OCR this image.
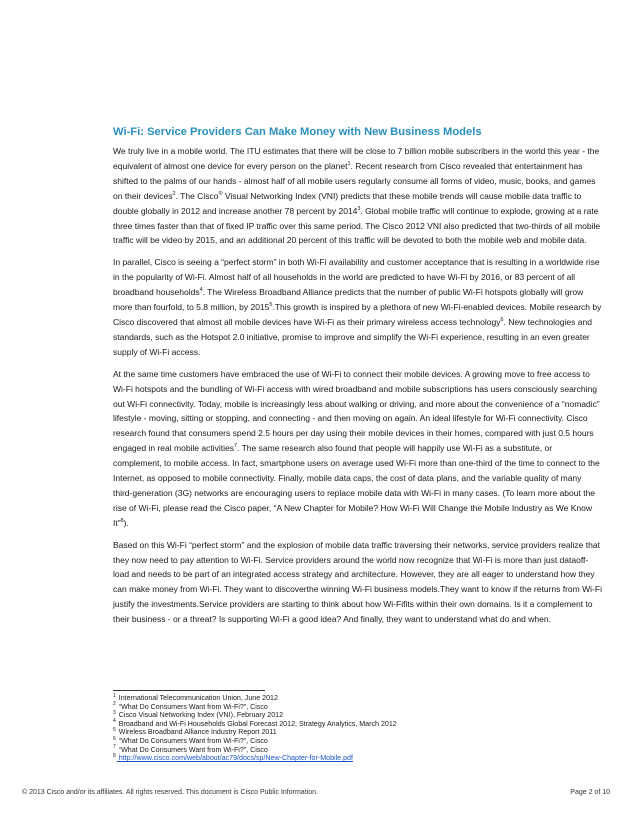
Wi-Fi: Service Providers Can Make Money with New Business Models

We truly live in a mobile world. The ITU estimates that there will be close to 7 billion mobile subscribers in the world this year - the equivalent of almost one device for every person on the planet$^1$. Recent research from Cisco revealed that entertainment has shifted to the palms of our hands - almost half of all mobile users regularly consume all forms of video, music, books, and games on their devices$^2$. The Cisco® Visual Networking Index (VNI) predicts that these mobile trends will cause mobile data traffic to double globally in 2012 and increase another 78 percent by 2014$^3$. Global mobile traffic will continue to explode, growing at a rate three times faster than that of fixed IP traffic over this same period. The Cisco 2012 VNI also predicted that two-thirds of all mobile traffic will be video by 2015, and an additional 20 percent of this traffic will be devoted to both the mobile web and mobile data.

In parallel, Cisco is seeing a “perfect storm” in both Wi-Fi availability and customer acceptance that is resulting in a worldwide rise in the popularity of Wi-Fi. Almost half of all households in the world are predicted to have Wi-Fi by 2016, or 83 percent of all broadband households$^4$. The Wireless Broadband Alliance predicts that the number of public Wi-Fi hotspots globally will grow more than fourfold, to 5.8 million, by 2015$^5$.This growth is inspired by a plethora of new Wi-Fi-enabled devices. Mobile research by Cisco discovered that almost all mobile devices have Wi-Fi as their primary wireless access technology$^6$. New technologies and standards, such as the Hotspot 2.0 initiative, promise to improve and simplify the Wi-Fi experience, resulting in an even greater supply of Wi-Fi access.

At the same time customers have embraced the use of Wi-Fi to connect their mobile devices. A growing move to free access to Wi-Fi hotspots and the bundling of Wi-Fi access with wired broadband and mobile subscriptions has users consciously searching out Wi-Fi connectivity. Today, mobile is increasingly less about walking or driving, and more about the convenience of a “nomadic” lifestyle - moving, sitting or stopping, and connecting - and then moving on again. An ideal lifestyle for Wi-Fi connectivity. Cisco research found that consumers spend 2.5 hours per day using their mobile devices in their homes, compared with just 0.5 hours engaged in real mobile activities$^7$. The same research also found that people will happily use Wi-Fi as a substitute, or complement, to mobile access. In fact, smartphone users on average used Wi-Fi more than one-third of the time to connect to the Internet, as opposed to mobile connectivity. Finally, mobile data caps, the cost of data plans, and the variable quality of many third-generation (3G) networks are encouraging users to replace mobile data with Wi-Fi in many cases. (To learn more about the rise of Wi-Fi, please read the Cisco paper, “A New Chapter for Mobile? How Wi-Fi Will Change the Mobile Industry as We Know It”$^8$).

Based on this Wi-Fi “perfect storm” and the explosion of mobile data traffic traversing their networks, service providers realize that they now need to pay attention to Wi-Fi. Service providers around the world now recognize that Wi-Fi is more than just dataoff-load and needs to be part of an integrated access strategy and architecture. However, they are all eager to understand how they can make money from Wi-Fi. They want to discoverthe winning Wi-Fi business models.They want to know if the returns from Wi-Fi justify the investments.Service providers are starting to think about how Wi-Fifits within their own domains. Is it a complement to their business - or a threat? Is supporting Wi-Fi a good idea? And finally, they want to understand what do and when.

$^1$ International Telecommunication Union, June 2012
$^2$ “What Do Consumers Want from Wi-Fi?”, Cisco
$^3$ Cisco Visual Networking Index (VNI), February 2012
$^4$ Broadband and Wi-Fi Households Global Forecast 2012, Strategy Analytics, March 2012
$^5$ Wireless Broadband Alliance Industry Report 2011
$^6$ “What Do Consumers Want from Wi-Fi?”, Cisco
$^7$ “What Do Consumers Want from Wi-Fi?”, Cisco
$^8$ http://www.cisco.com/web/about/ac79/docs/sp/New-Chapter-for-Mobile.pdf
© 2013 Cisco and/or its affiliates. All rights reserved. This document is Cisco Public Information.	Page 2 of 10
